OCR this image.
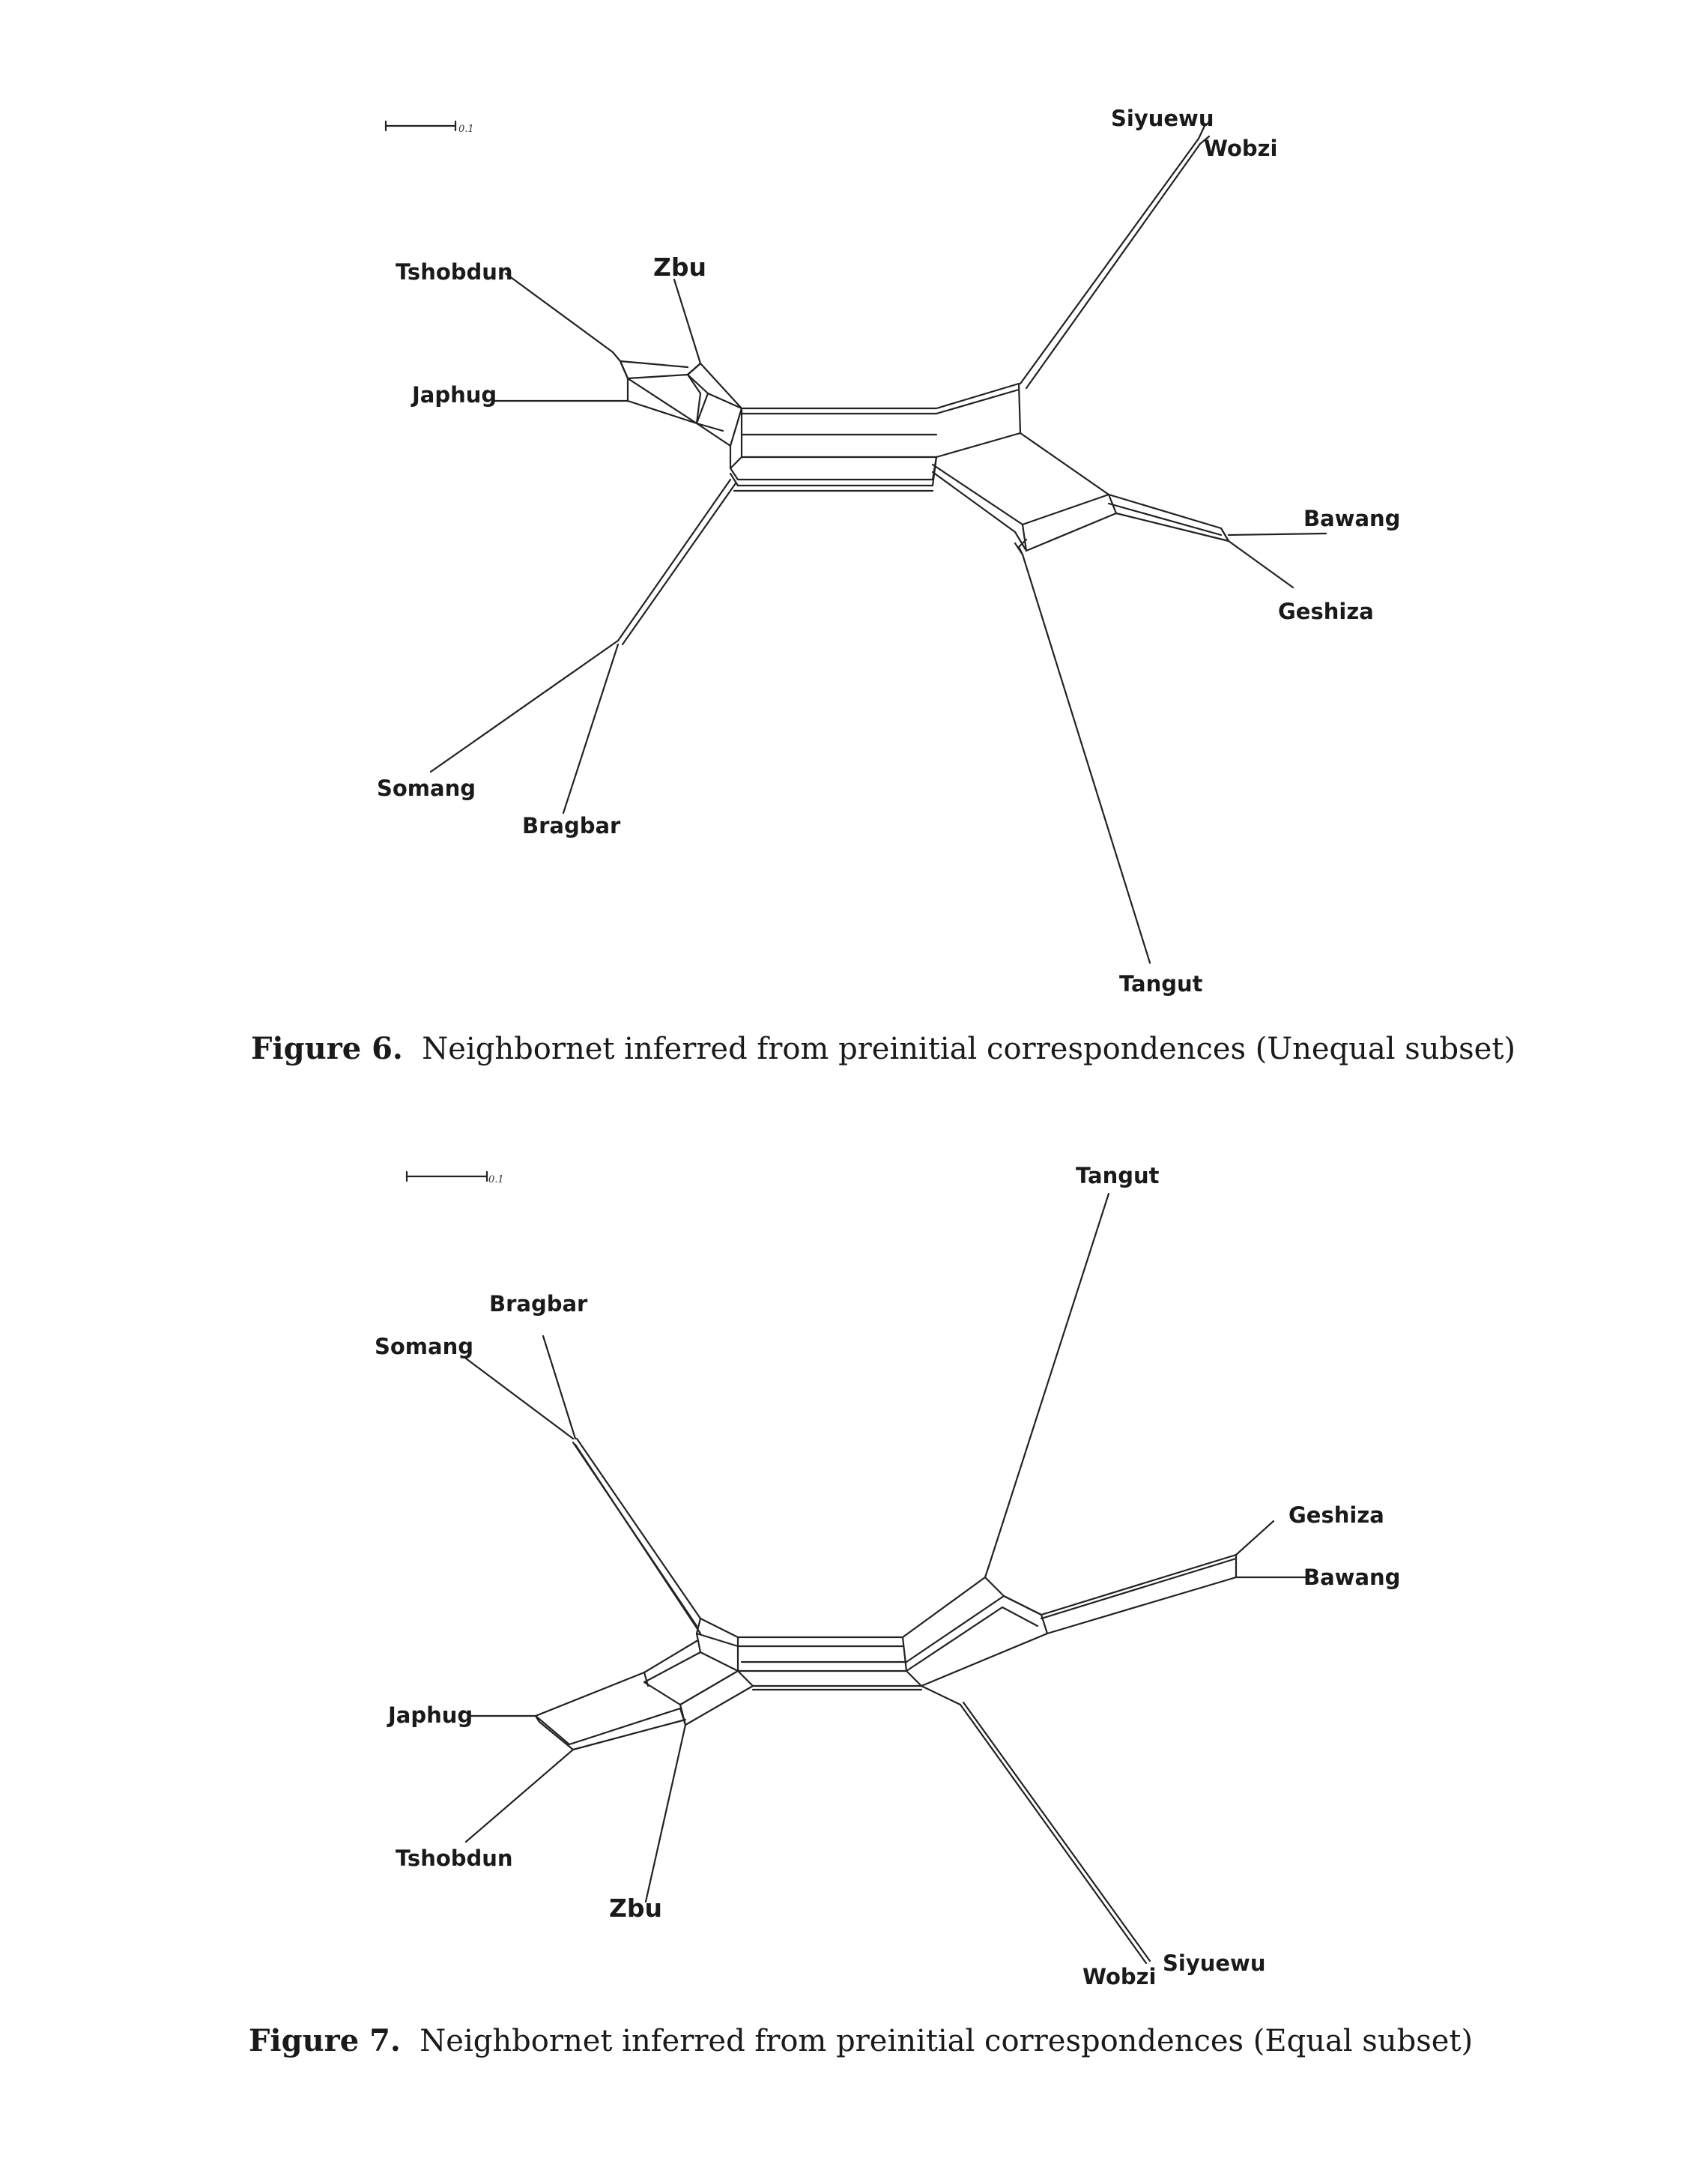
0.1	Siyuewu
Wobzi
Tshobdun	Zbu
Japhug
Bawang
Geshiza
Somang
Bragbar
Tangut
Figure 6. Neighbornet inferred from preinitial correspondences (Unequal subset)
0.1	Tangut
Bragbar
Somang
Geshiza
Bawang
Japhug
Tshobdun
Zbu
Wobzi
Siyuewu
Figure 7. Neighbornet inferred from preinitial correspondences (Equal subset)
